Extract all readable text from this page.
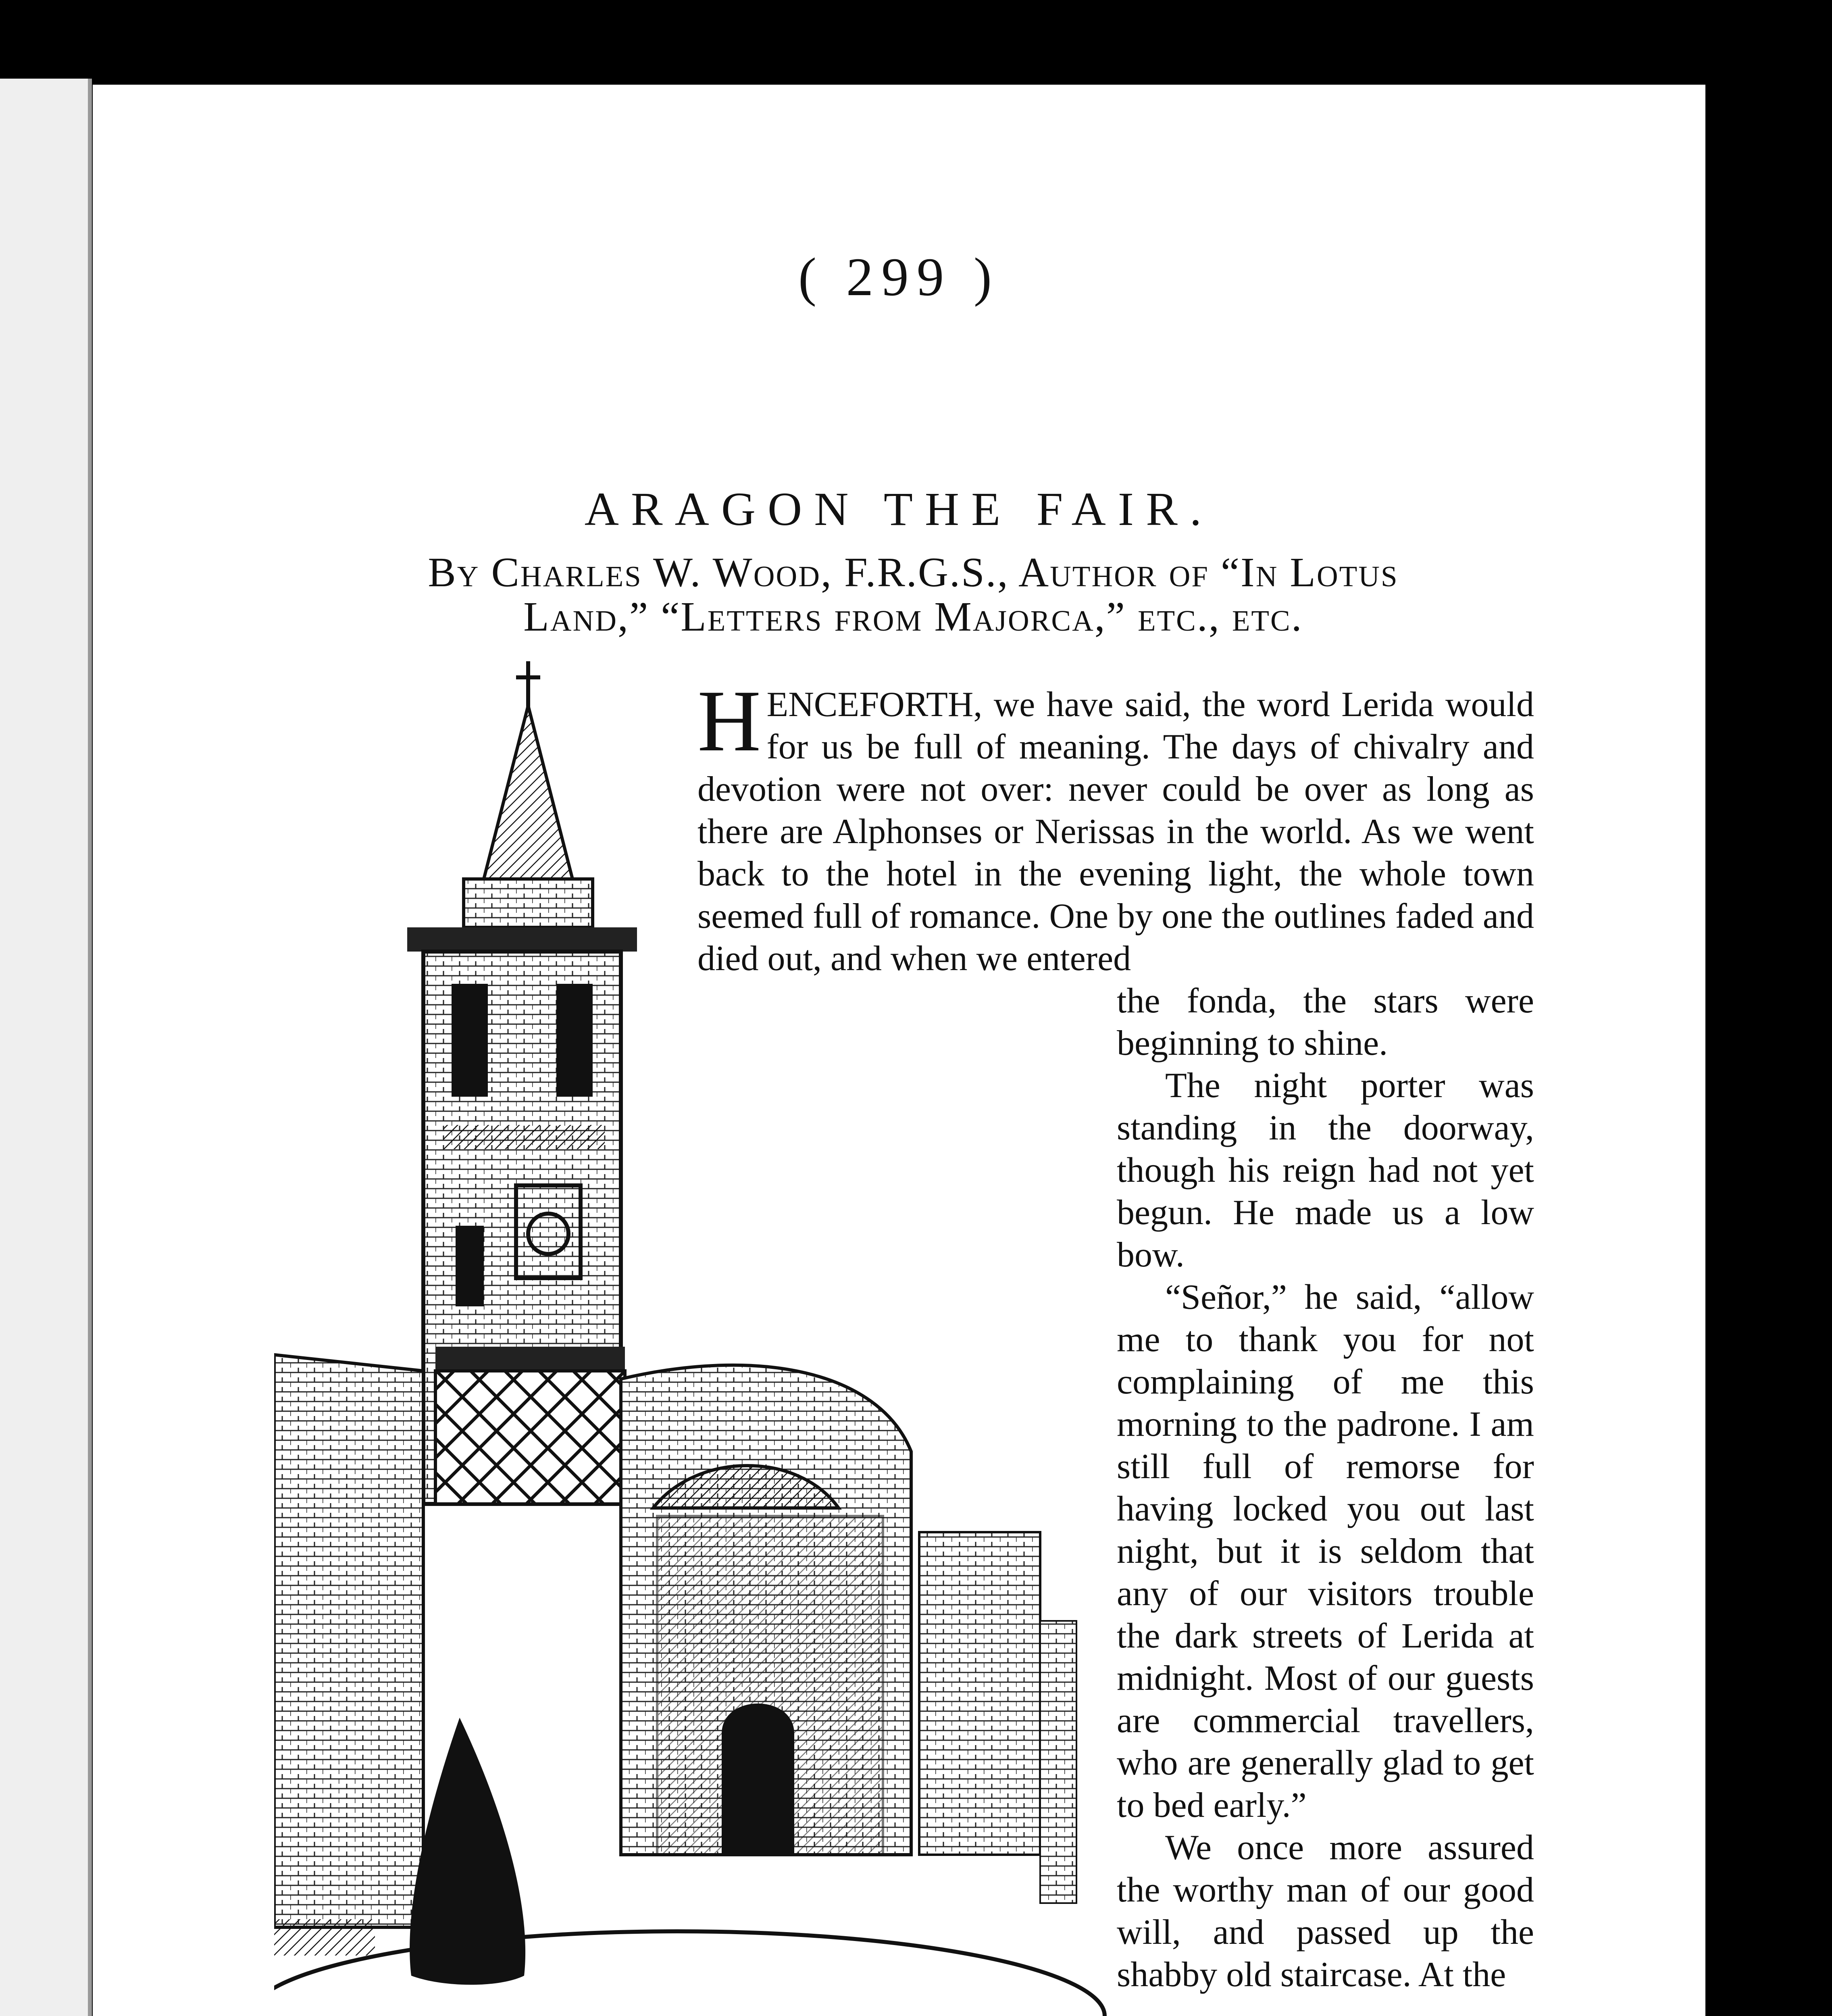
( 299 )
ARAGON THE FAIR.
By Charles W. Wood, F.R.G.S., Author of “In Lotus
Land,” “Letters from Majorca,” etc., etc.

HENCEFORTH, we have said, the word Lerida would for us be full of meaning. The days of chivalry and devotion were not over: never could be over as long as there are Alphonses or Nerissas in the world. As we went back to the hotel in the evening light, the whole town seemed full of romance. One by one the outlines faded and died out, and when we entered

the fonda, the stars were beginning to shine.

The night porter was standing in the doorway, though his reign had not yet begun. He made us a low bow.

“Señor,” he said, “allow me to thank you for not complaining of me this morning to the padrone. I am still full of remorse for having locked you out last night, but it is seldom that any of our visitors trouble the dark streets of Lerida at midnight. Most of our guests are commercial travellers, who are generally glad to get to bed early.”

We once more assured the worthy man of our good will, and passed up the shabby old staircase. At the
